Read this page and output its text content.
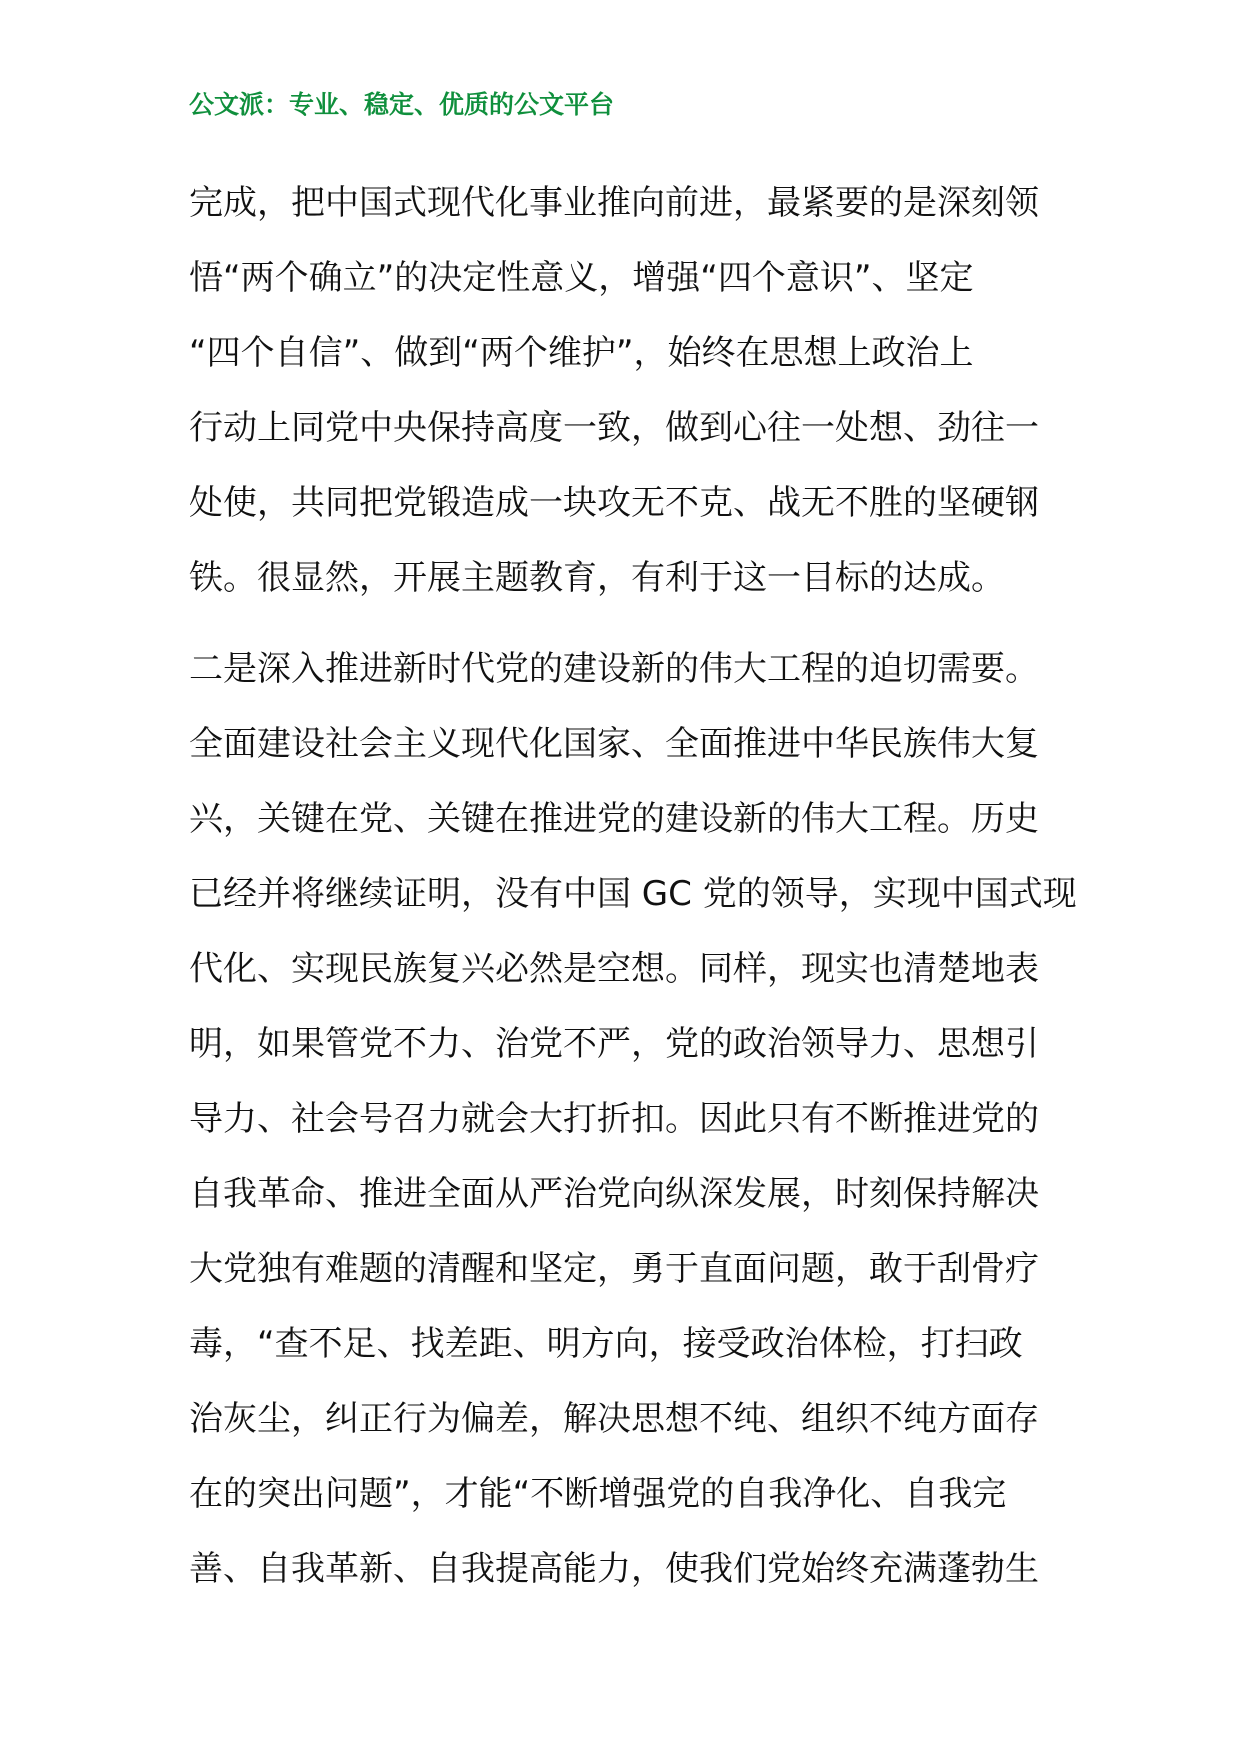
公文派：专业、稳定、优质的公文平台

完成，把中国式现代化事业推向前进，最紧要的是深刻领
悟“两个确立”的决定性意义，增强“四个意识”、坚定
“四个自信”、做到“两个维护”，始终在思想上政治上
行动上同党中央保持高度一致，做到心往一处想、劲往一
处使，共同把党锻造成一块攻无不克、战无不胜的坚硬钢
铁。很显然，开展主题教育，有利于这一目标的达成。

二是深入推进新时代党的建设新的伟大工程的迫切需要。
全面建设社会主义现代化国家、全面推进中华民族伟大复
兴，关键在党、关键在推进党的建设新的伟大工程。历史
已经并将继续证明，没有中国 GC 党的领导，实现中国式现
代化、实现民族复兴必然是空想。同样，现实也清楚地表
明，如果管党不力、治党不严，党的政治领导力、思想引
导力、社会号召力就会大打折扣。因此只有不断推进党的
自我革命、推进全面从严治党向纵深发展，时刻保持解决
大党独有难题的清醒和坚定，勇于直面问题，敢于刮骨疗
毒，“查不足、找差距、明方向，接受政治体检，打扫政
治灰尘，纠正行为偏差，解决思想不纯、组织不纯方面存
在的突出问题”，才能“不断增强党的自我净化、自我完
善、自我革新、自我提高能力，使我们党始终充满蓬勃生
